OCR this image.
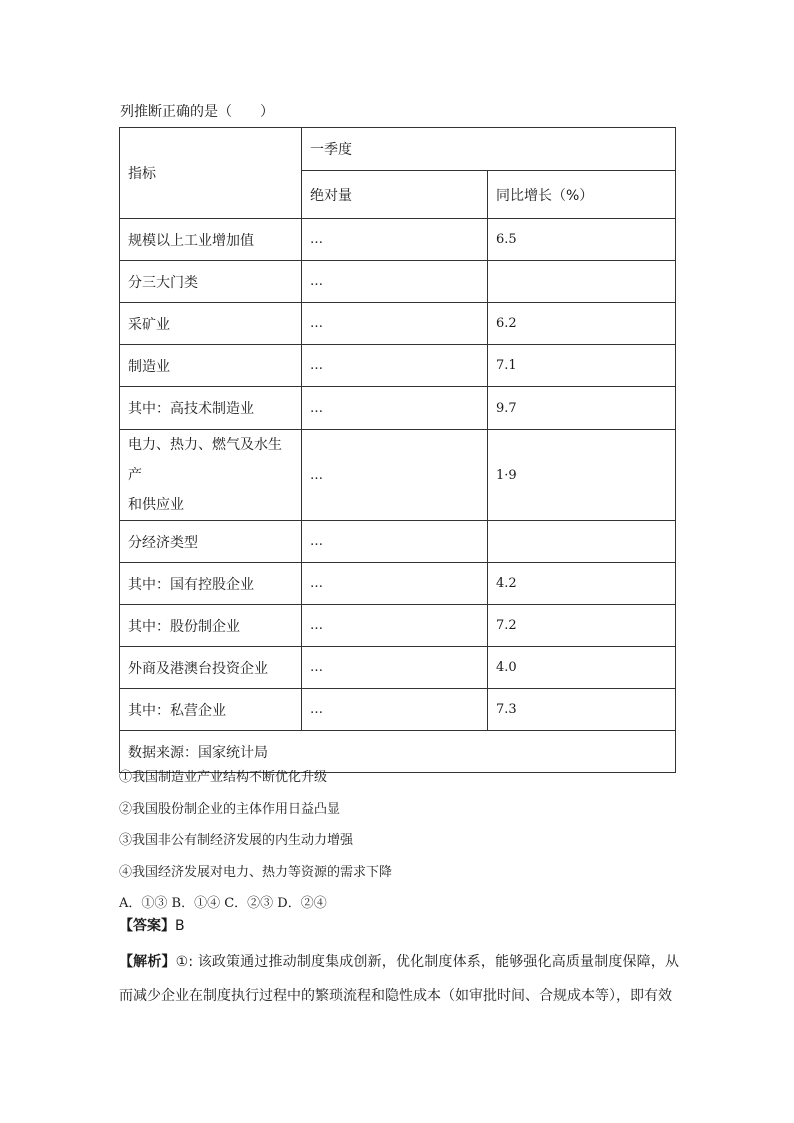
列推断正确的是（　　）
指标	一季度	
	绝对量	同比增长（%）
规模以上工业增加值	…	6.5
分三大门类	…	
采矿业	…	6.2
制造业	…	7.1
其中：高技术制造业	…	9.7
电力、热力、燃气及水生产
和供应业	…	1·9
分经济类型	…	
其中：国有控股企业	…	4.2
其中：股份制企业	…	7.2
外商及港澳台投资企业	…	4.0
其中：私营企业	…	7.3
数据来源：国家统计局		
①我国制造业产业结构不断优化升级
②我国股份制企业的主体作用日益凸显
③我国非公有制经济发展的内生动力增强
④我国经济发展对电力、热力等资源的需求下降
A．①③ B．①④ C．②③ D．②④
【答案】B
【解析】①: 该政策通过推动制度集成创新，优化制度体系，能够强化高质量制度保障，从而减少企业在制度执行过程中的繁琐流程和隐性成本（如审批时间、合规成本等），即有效
